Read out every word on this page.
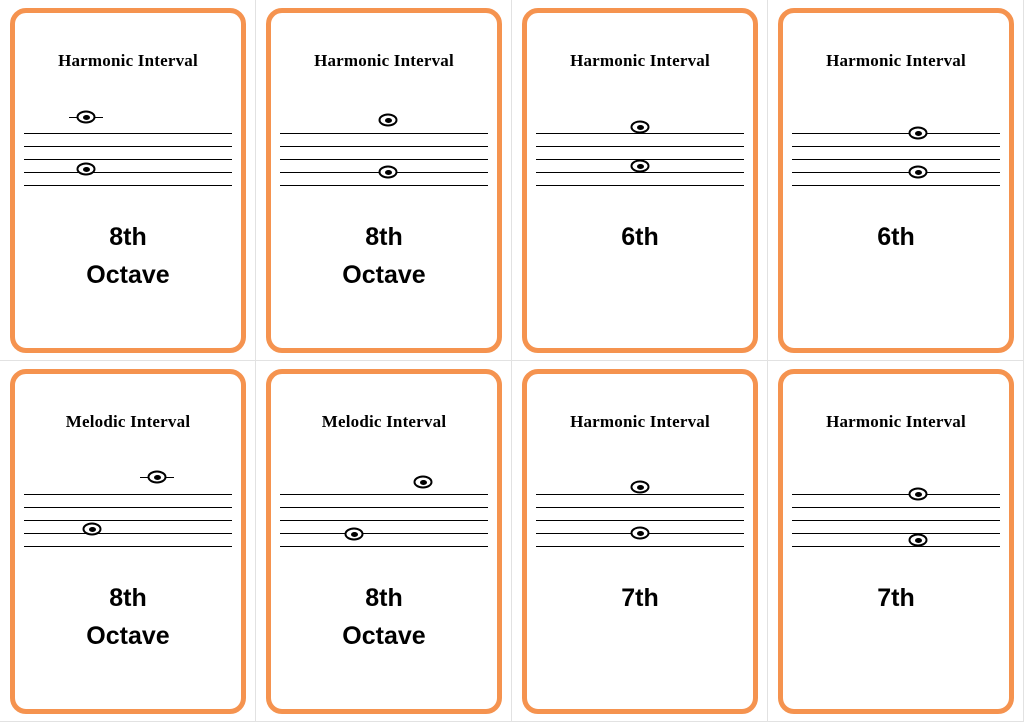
Harmonic Interval
8th
Octave
Harmonic Interval
8th
Octave
Harmonic Interval
6th
Harmonic Interval
6th
Melodic Interval
8th
Octave
Melodic Interval
8th
Octave
Harmonic Interval
7th
Harmonic Interval
7th
